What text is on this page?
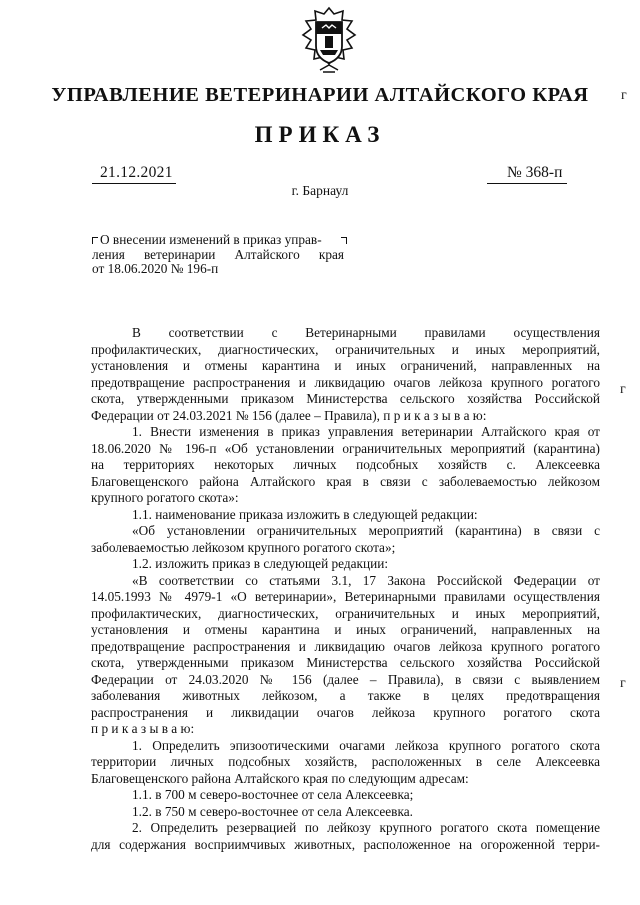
УПРАВЛЕНИЕ ВЕТЕРИНАРИИ АЛТАЙСКОГО КРАЯ
ПРИКАЗ
21.12.2021	№ 368-п
г. Барнаул
О внесении изменений в приказ управ-
ления ветеринарии Алтайского края
от 18.06.2020 № 196-п
В соответствии с Ветеринарными правилами осуществления
профилактических, диагностических, ограничительных и иных мероприятий,
установления и отмены карантина и иных ограничений, направленных на
предотвращение распространения и ликвидацию очагов лейкоза крупного рогатого
скота, утвержденными приказом Министерства сельского хозяйства Российской
Федерации от 24.03.2021 № 156 (далее – Правила), п р и к а з ы в а ю:
1. Внести изменения в приказ управления ветеринарии Алтайского края от
18.06.2020 № 196-п «Об установлении ограничительных мероприятий (карантина)
на территориях некоторых личных подсобных хозяйств с. Алексеевка
Благовещенского района Алтайского края в связи с заболеваемостью лейкозом
крупного рогатого скота»:
1.1. наименование приказа изложить в следующей редакции:
«Об установлении ограничительных мероприятий (карантина) в связи с
заболеваемостью лейкозом крупного рогатого скота»;
1.2. изложить приказ в следующей редакции:
«В соответствии со статьями 3.1, 17 Закона Российской Федерации от
14.05.1993 № 4979-1 «О ветеринарии», Ветеринарными правилами осуществления
профилактических, диагностических, ограничительных и иных мероприятий,
установления и отмены карантина и иных ограничений, направленных на
предотвращение распространения и ликвидацию очагов лейкоза крупного рогатого
скота, утвержденными приказом Министерства сельского хозяйства Российской
Федерации от 24.03.2020 № 156 (далее – Правила), в связи с выявлением
заболевания животных лейкозом, а также в целях предотвращения
распространения и ликвидации очагов лейкоза крупного рогатого скота
п р и к а з ы в а ю:
1. Определить эпизоотическими очагами лейкоза крупного рогатого скота
территории личных подсобных хозяйств, расположенных в селе Алексеевка
Благовещенского района Алтайского края по следующим адресам:
1.1. в 700 м северо-восточнее от села Алексеевка;
1.2. в 750 м северо-восточнее от села Алексеевка.
2. Определить резервацией по лейкозу крупного рогатого скота помещение
для содержания восприимчивых животных, расположенное на огороженной терри-
г
г
г
